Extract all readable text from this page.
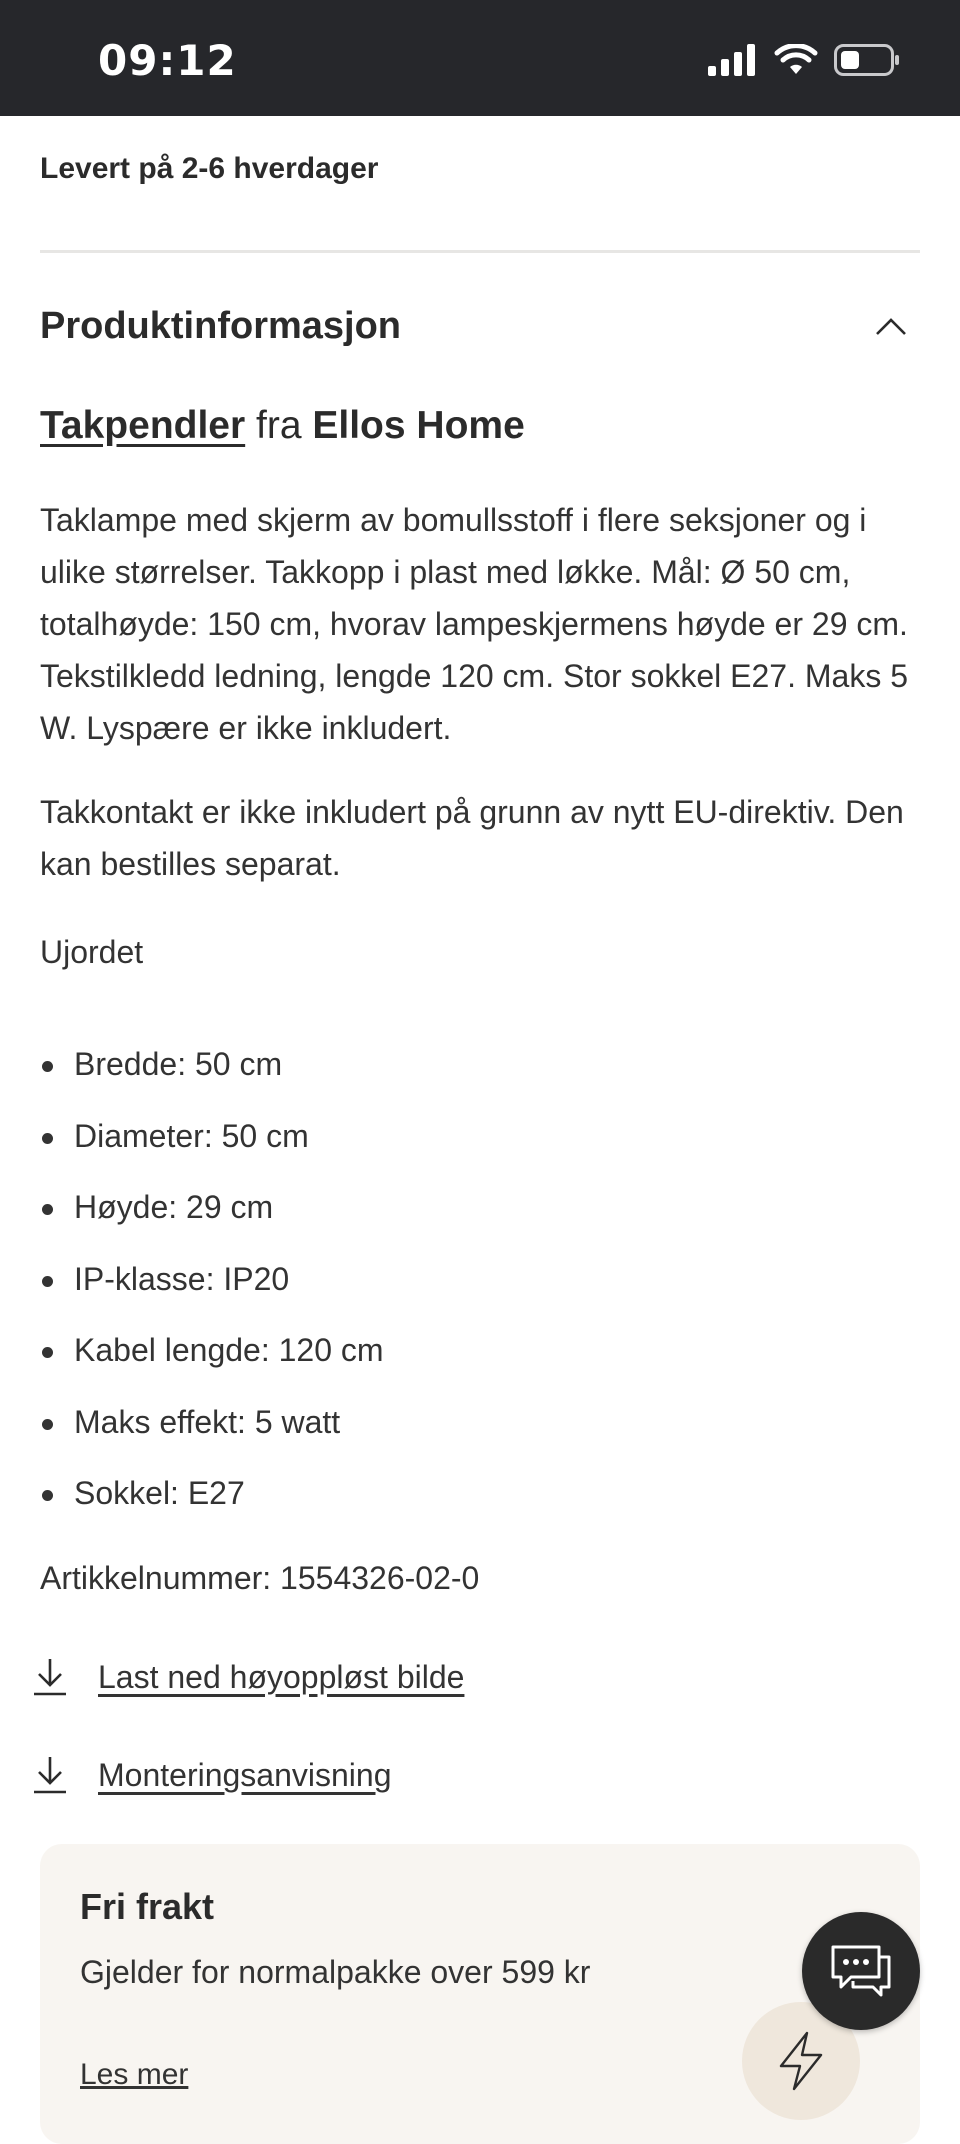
09:12
Levert på 2-6 hverdager
Produktinformasjon
Takpendler fra Ellos Home

Taklampe med skjerm av bomullsstoff i flere seksjoner og i ulike størrelser. Takkopp i plast med løkke. Mål: Ø 50 cm, totalhøyde: 150 cm, hvorav lampeskjermens høyde er 29 cm. Tekstilkledd ledning, lengde 120 cm. Stor sokkel E27. Maks 5 W. Lyspære er ikke inkludert.

Takkontakt er ikke inkludert på grunn av nytt EU-direktiv. Den kan bestilles separat.

Ujordet

Bredde: 50 cm
Diameter: 50 cm
Høyde: 29 cm
IP-klasse: IP20
Kabel lengde: 120 cm
Maks effekt: 5 watt
Sokkel: E27
Artikkelnummer: 1554326-02-0
Last ned høyoppløst bilde
Monteringsanvisning
Fri frakt
Gjelder for normalpakke over 599 kr
Les mer
